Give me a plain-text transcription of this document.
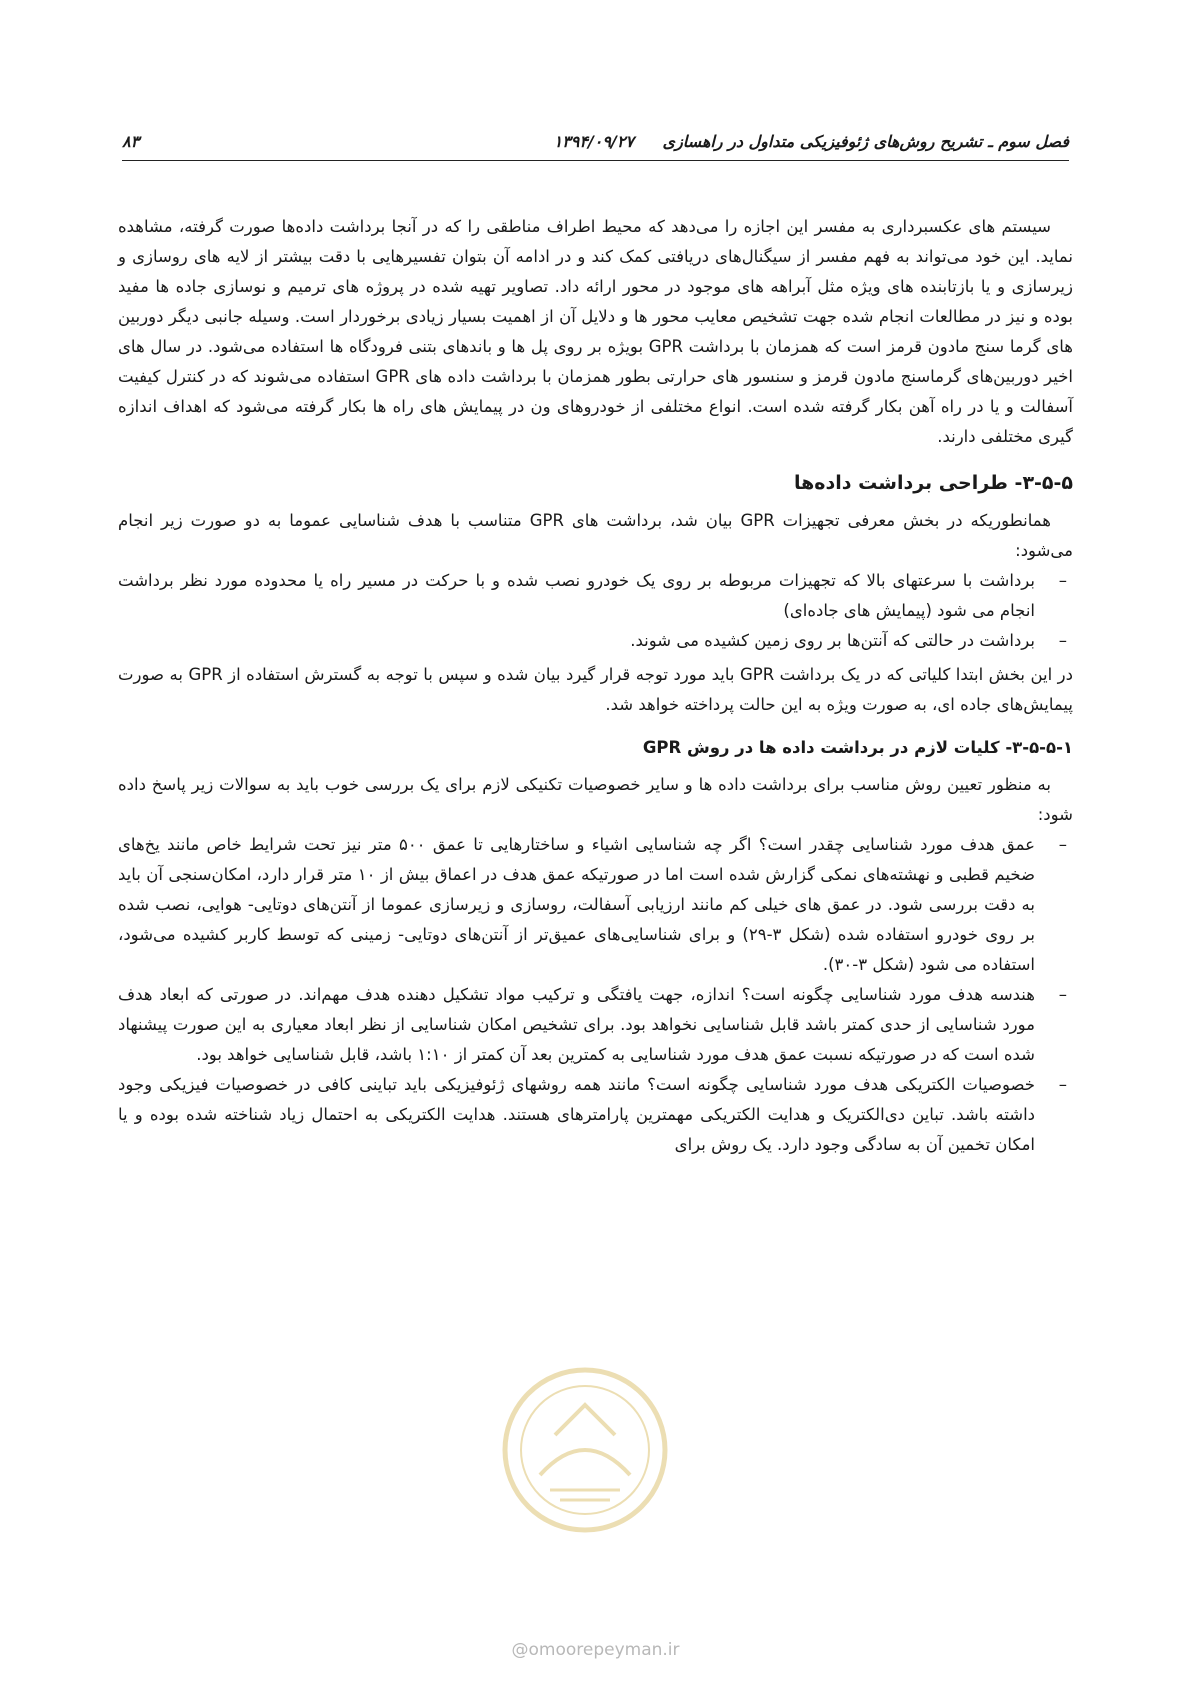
فصل سوم ـ تشریح روش‌های ژئوفیزیکی متداول در راهسازی
۱۳۹۴/۰۹/۲۷
۸۳

سیستم های عکسبرداری به مفسر این اجازه را می‌دهد که محیط اطراف مناطقی را که در آنجا برداشت داده‌ها صورت گرفته، مشاهده نماید. این خود می‌تواند به فهم مفسر از سیگنال‌های دریافتی کمک کند و در ادامه آن بتوان تفسیرهایی با دقت بیشتر از لایه های روسازی و زیرسازی و یا بازتابنده های ویژه مثل آبراهه های موجود در محور ارائه داد. تصاویر تهیه شده در پروژه های ترمیم و نوسازی جاده ها مفید بوده و نیز در مطالعات انجام شده جهت تشخیص معایب محور ها و دلایل آن از اهمیت بسیار زیادی برخوردار است. وسیله جانبی دیگر دوربین های گرما سنج مادون قرمز است که همزمان با برداشت GPR بویژه بر روی پل ها و باندهای بتنی فرودگاه ها استفاده می‌شود. در سال های اخیر دوربین‌های گرماسنج مادون قرمز و سنسور های حرارتی بطور همزمان با برداشت داده های GPR استفاده می‌شوند که در کنترل کیفیت آسفالت و یا در راه آهن بکار گرفته شده است. انواع مختلفی از خودروهای ون در پیمایش های راه ها بکار گرفته می‌شود که اهداف اندازه گیری مختلفی دارند.

۳-۵-۵- طراحی برداشت داده‌ها

همانطوریکه در بخش معرفی تجهیزات GPR بیان شد، برداشت های GPR متناسب با هدف شناسایی عموما به دو صورت زیر انجام می‌شود:

– برداشت با سرعتهای بالا که تجهیزات مربوطه بر روی یک خودرو نصب شده و با حرکت در مسیر راه یا محدوده مورد نظر برداشت انجام می شود (پیمایش های جاده‌ای)
– برداشت در حالتی که آنتن‌ها بر روی زمین کشیده می شوند.

در این بخش ابتدا کلیاتی که در یک برداشت GPR باید مورد توجه قرار گیرد بیان شده و سپس با توجه به گسترش استفاده از GPR به صورت پیمایش‌های جاده ای، به صورت ویژه به این حالت پرداخته خواهد شد.

۳-۵-۵-۱- کلیات لازم در برداشت داده ها در روش GPR

به منظور تعیین روش مناسب برای برداشت داده ها و سایر خصوصیات تکنیکی لازم برای یک بررسی خوب باید به سوالات زیر پاسخ داده شود:

– عمق هدف مورد شناسایی چقدر است؟ اگر چه شناسایی اشیاء و ساختارهایی تا عمق ۵۰۰ متر نیز تحت شرایط خاص مانند یخ‌های ضخیم قطبی و نهشته‌های نمکی گزارش شده است اما در صورتیکه عمق هدف در اعماق بیش از ۱۰ متر قرار دارد، امکان‌سنجی آن باید به دقت بررسی شود. در عمق های خیلی کم مانند ارزیابی آسفالت، روسازی و زیرسازی عموما از آنتن‌های دوتایی- هوایی، نصب شده بر روی خودرو استفاده شده (شکل ۳-۲۹) و برای شناسایی‌های عمیق‌تر از آنتن‌های دوتایی- زمینی که توسط کاربر کشیده می‌شود، استفاده می شود (شکل ۳-۳۰).
– هندسه هدف مورد شناسایی چگونه است؟ اندازه، جهت یافتگی و ترکیب مواد تشکیل دهنده هدف مهم‌اند. در صورتی که ابعاد هدف مورد شناسایی از حدی کمتر باشد قابل شناسایی نخواهد بود. برای تشخیص امکان شناسایی از نظر ابعاد معیاری به این صورت پیشنهاد شده است که در صورتیکه نسبت عمق هدف مورد شناسایی به کمترین بعد آن کمتر از ۱:۱۰ باشد، قابل شناسایی خواهد بود.
– خصوصیات الکتریکی هدف مورد شناسایی چگونه است؟ مانند همه روشهای ژئوفیزیکی باید تباینی کافی در خصوصیات فیزیکی وجود داشته باشد. تباین دی‌الکتریک و هدایت الکتریکی مهمترین پارامترهای هستند. هدایت الکتریکی به احتمال زیاد شناخته شده بوده و یا امکان تخمین آن به سادگی وجود دارد. یک روش برای
@omoorepeyman.ir
